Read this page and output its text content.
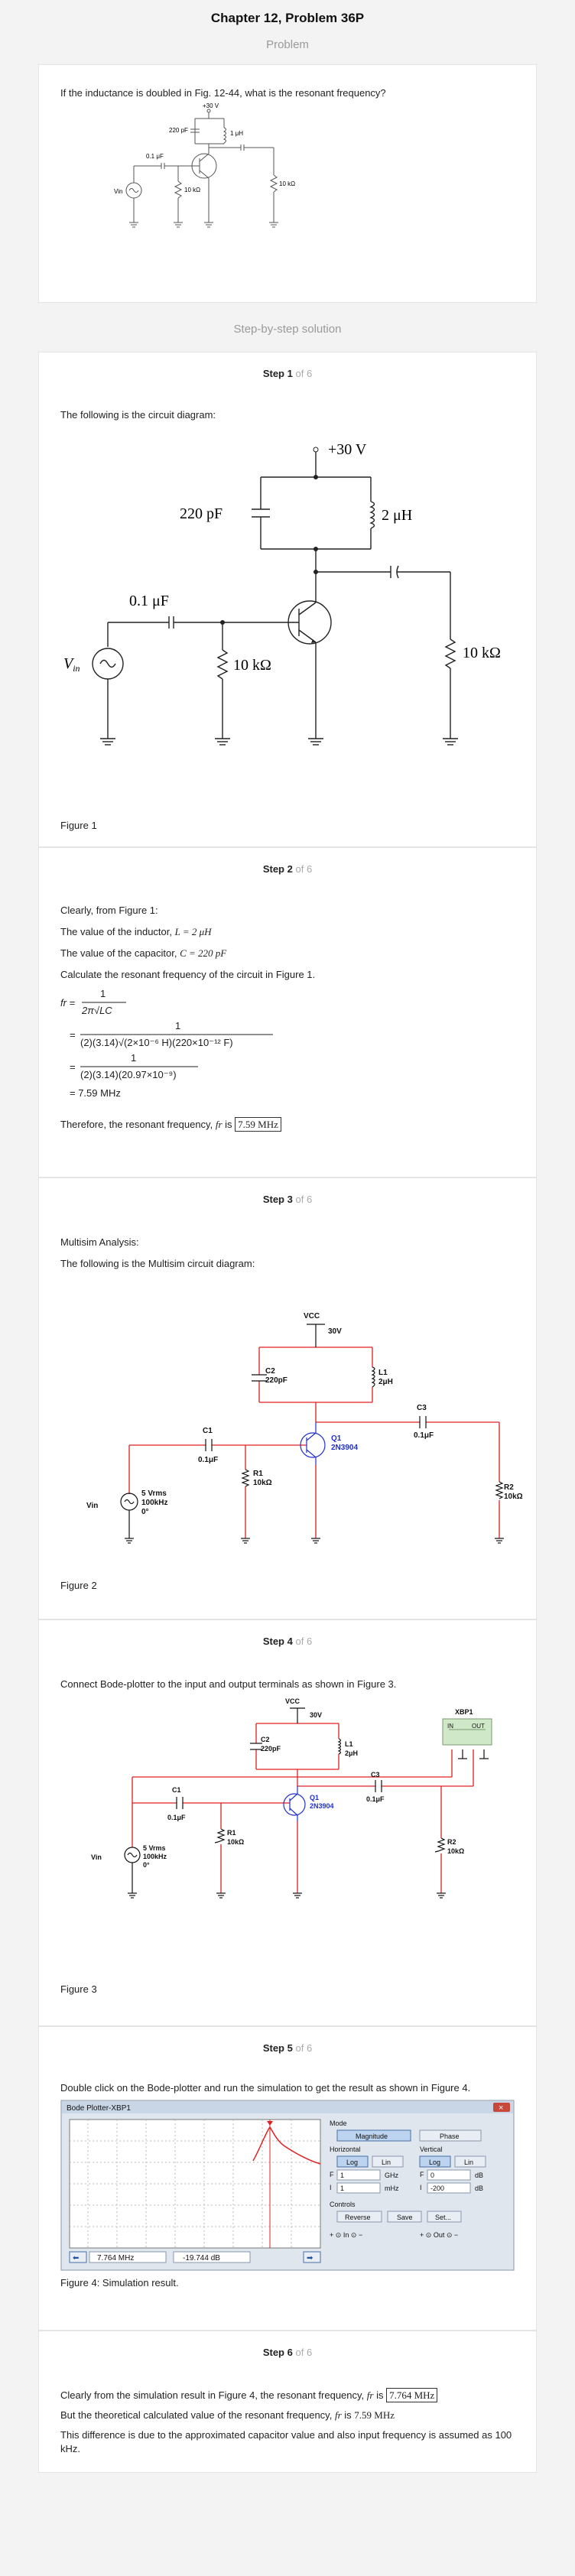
Chapter 12, Problem 36P
Problem

If the inductance is doubled in Fig. 12-44, what is the resonant frequency?

+30 V
220 pF	1 μH
0.1 μF
10 kΩ
10 kΩ
Vin
Step-by-step solution
Step 1 of 6

The following is the circuit diagram:

+30 V
220 pF	2 μH
0.1 μF
10 kΩ
10 kΩ
$V_{in}$
Figure 1
Step 2 of 6

Clearly, from Figure 1:

The value of the inductor, L = 2 μH

The value of the capacitor, C = 220 pF

Calculate the resonant frequency of the circuit in Figure 1.

fr =
1
2π√LC
=
1
(2)(3.14)√(2×10⁻⁶ H)(220×10⁻¹² F)
=
1
(2)(3.14)(20.97×10⁻⁹)
= 7.59 MHz

Therefore, the resonant frequency, fr is 7.59 MHz

Step 3 of 6

Multisim Analysis:

The following is the Multisim circuit diagram:

VCC
30V
C2
220pF
L1
2μH
C3
0.1μF
C1
0.1μF
R1
10kΩ
R2
10kΩ
5 Vrms
100kHz
0°
Vin
Q1
2N3904
Figure 2
Step 4 of 6

Connect Bode-plotter to the input and output terminals as shown in Figure 3.

VCC
30V
C2
220pF
L1
2μH
C3
0.1μF
C1
0.1μF
R1
10kΩ	R2
10kΩ
5 Vrms
100kHz
0°
Vin
XBP1
IN	OUT
Q1
2N3904
Figure 3
Step 5 of 6

Double click on the Bode-plotter and run the simulation to get the result as shown in Figure 4.

Bode Plotter-XBP1	×
⬅ 7.764 MHz	-19.744 dB	➡
Mode
Magnitude	Phase
Horizontal	Vertical
Log	Lin	Log	Lin
F 1	GHz	F 0	dB
I 1	mHz	I -200	dB
Controls
Reverse	Save	Set...
+ ⊙ In ⊙ −	+ ⊙ Out ⊙ −
Figure 4: Simulation result.
Step 6 of 6

Clearly from the simulation result in Figure 4, the resonant frequency, fr is 7.764 MHz

But the theoretical calculated value of the resonant frequency, fr is 7.59 MHz

This difference is due to the approximated capacitor value and also input frequency is assumed as 100 kHz.
